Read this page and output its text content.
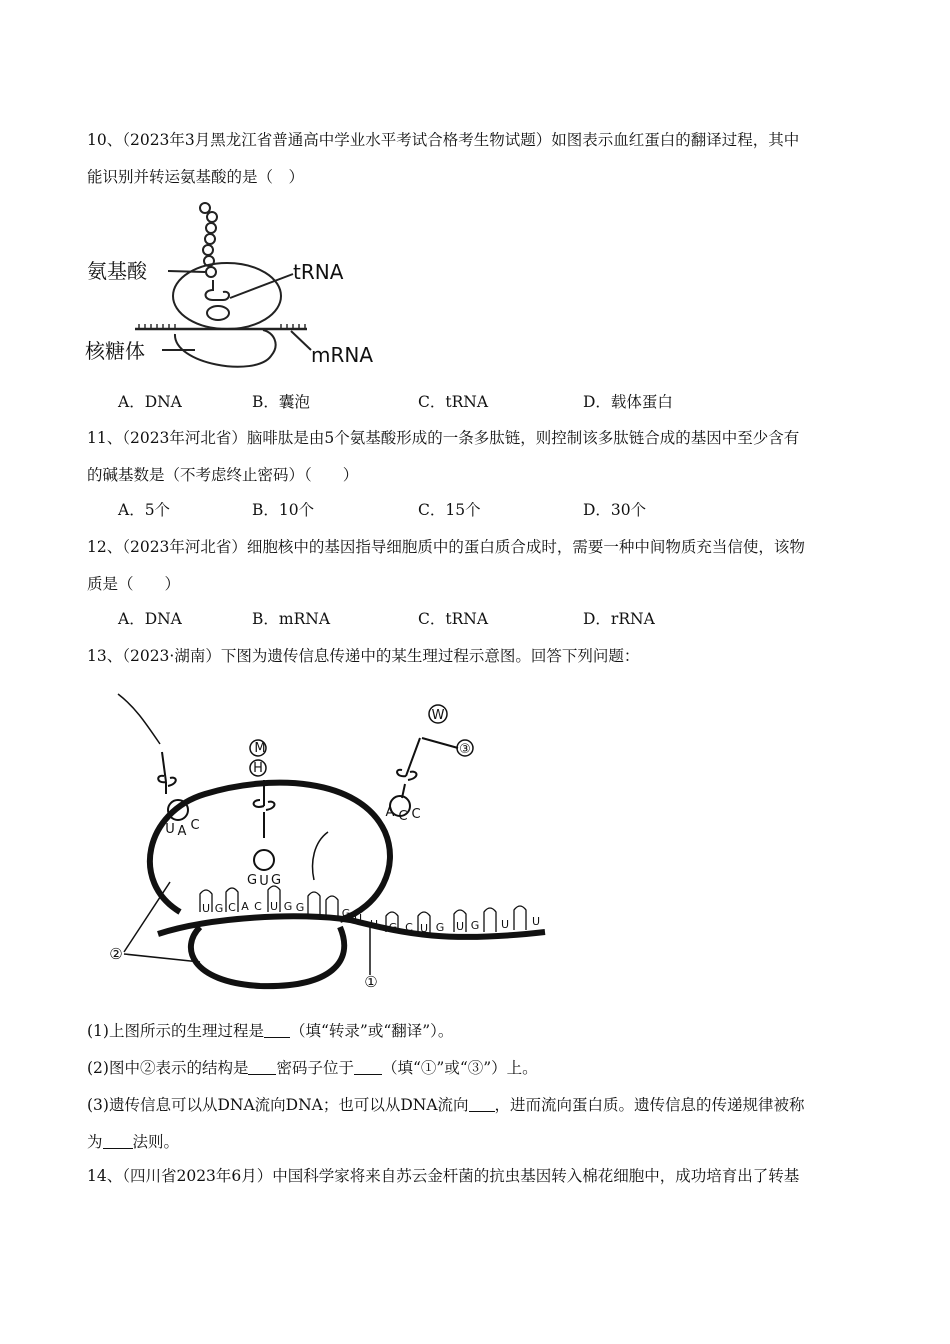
10、（2023年3月黑龙江省普通高中学业水平考试合格考生物试题）如图表示血红蛋白的翻译过程，其中
能识别并转运氨基酸的是（　）
氨基酸	tRNA
核糖体	mRNA
A．DNA	B．囊泡	C．tRNA	D．载体蛋白
11、（2023年河北省）脑啡肽是由5个氨基酸形成的一条多肽链，则控制该多肽链合成的基因中至少含有
的碱基数是（不考虑终止密码）（　　）
A．5个	B．10个	C．15个	D．30个
12、（2023年河北省）细胞核中的基因指导细胞质中的蛋白质合成时，需要一种中间物质充当信使，该物
质是（　　）
A．DNA	B．mRNA	C．tRNA	D．rRNA
13、（2023·湖南）下图为遗传信息传递中的某生理过程示意图。回答下列问题：
M
H
W
③
②
①
U A C
G U G
A C C
U G C A C U G G	G U U G C U G U G U U
(1)上图所示的生理过程是 （填“转录”或“翻译”）。
(2)图中②表示的结构是 密码子位于 （填“①”或“③”）上。
(3)遗传信息可以从DNA流向DNA；也可以从DNA流向 ，进而流向蛋白质。遗传信息的传递规律被称
为 法则。
14、（四川省2023年6月）中国科学家将来自苏云金杆菌的抗虫基因转入棉花细胞中，成功培育出了转基
